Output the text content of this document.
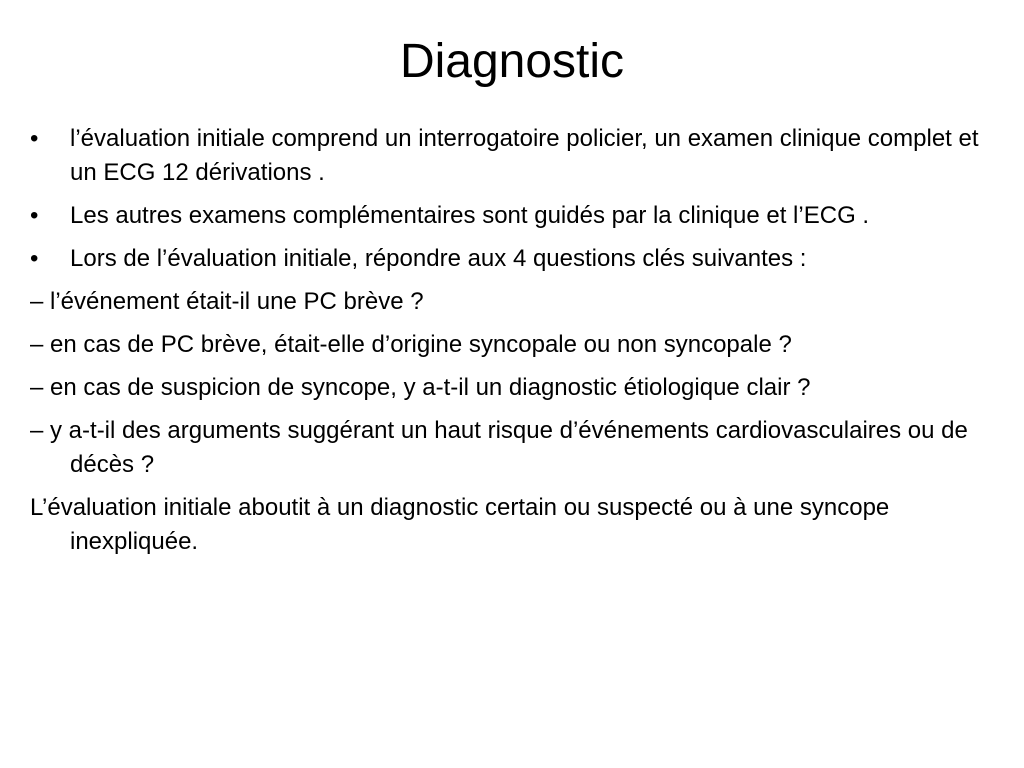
Diagnostic
•	l’évaluation initiale comprend un interrogatoire policier, un examen clinique complet et un ECG 12 dérivations .
•	Les autres examens complémentaires sont guidés par la clinique et l’ECG .
•	Lors de l’évaluation initiale, répondre aux 4 questions clés suivantes :
– l’événement était-il une PC brève ?
– en cas de PC brève, était-elle d’origine syncopale ou non syncopale ?
– en cas de suspicion de syncope, y a-t-il un diagnostic étiologique clair ?
– y a-t-il des arguments suggérant un haut risque d’événements cardiovasculaires ou de décès ?
L’évaluation initiale aboutit à un diagnostic certain ou suspecté ou à une syncope inexpliquée.
